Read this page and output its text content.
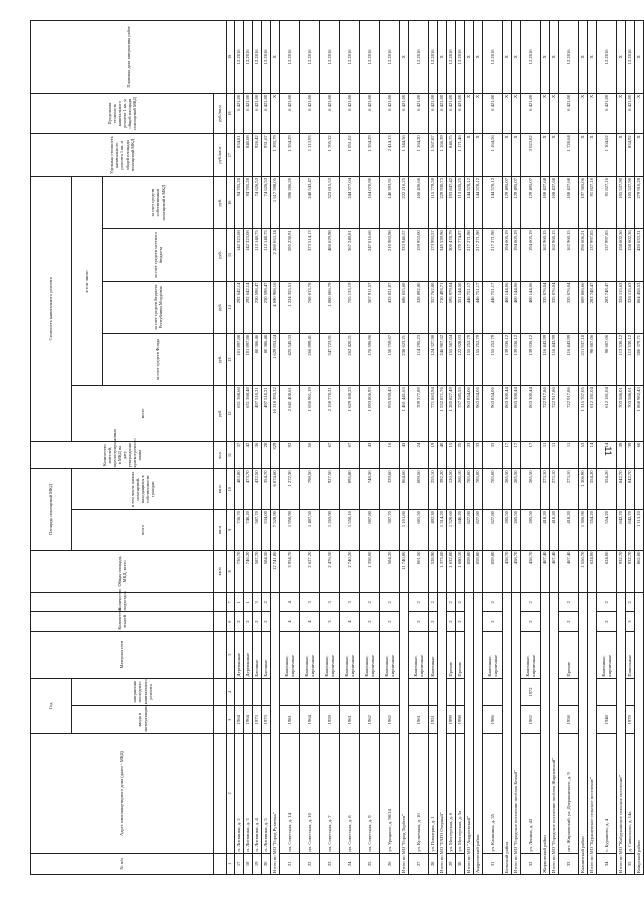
11
№ п/п	Адрес многоквартирного дома (далее - МКД)	Год		Материал стен	Количество этажей	Количество подъездов	Общая площадь МКД, всего	Площадь помещений МКД		Количество жителей, зарегистрированных в МКД на дату утверждения краткосрочного плана	Стоимость капитального ремонта					Удельная стоимость капитального ремонта 1 кв. м общей площади помещений МКД	Предельная стоимость капитального ремонта 1 кв. м общей площади помещений МКД	Плановая дата завершения работ
		ввода в эксплуатацию	завершения последнего капитального ремонта					всего	в том числе жилых помещений, находящихся в собственности граждан		всего	в том числе:						
												за счет средств Фонда	за счет средств бюджета Республики Мордовия	за счет средств местного бюджета	за счет средств собственников помещений в МКД			
							кв.м	кв.м	кв.м	чел.	руб.	руб.	руб.	руб.	руб.	руб./кв.м	руб./кв.м	
1	2	3	4	5	6	7	8	9	10	11	12	13	14	15	16	17	18	19
17	п. Литвинки, д. 2	1964		Деревянные	2	1	736,70	736,70	483,80	37	631 368,68	101 897,88	292 642,14	142 323,08	94 705,28	834,81	6 421,00	12.2016
18	п. Литвинки, д. 3	1964		Деревянные	2	1	746,20	746,20	473,70	42	631 368,48	101 897,88	292 642,14	142 323,08	94 705,28	846,08	6 421,00	12.2016
19	п. Литвинки, д. 4	1973		Блочные	2	3	587,70	587,70	432,50	36	497 510,21	80 386,46	230 598,47	112 148,75	74 626,53	926,42	6 421,00	12.2016
20	п. Литвинки, д. 5	1973		Блочные	2	2	584,50	534,00	354,70	28	497 510,21	80 386,46	230 598,47	112 148,75	74 626,53	931,67	6 421,00	12.2016
Итого по МО "Город Рузаевка"							12 741,80	7 528,90	6 074,60	329	10 318 393,32	1 629 853,24	4 690 908,16	2 280 053,14	1 517 598,05	1 393,79	X	X
21	пл. Советская, д. 14	1981		Каменные, кирпичные	4	4	3 954,70	1 950,90	1 272,30	92	2 641 408,61	425 545,33	1 224 355,51	595 238,91	396 286,20	1 354,29	6 421,00	12.2016
22	пл. Советская, д. 10	1964		Каменные, кирпичные	4	3	2 627,20	1 487,50	798,50	56	1 656 961,19	266 899,41	768 013,78	373 514,13	248 543,47	1 113,93	6 421,00	12.2016
23	пл. Советская, д. 7	1959		Каменные, кирпичные	3	3	2 476,50	1 265,90	927,50	67	2 158 770,21	347 723,91	1 000 606,79	486 629,98	323 815,53	1 705,32	6 421,00	12.2016
24	пл. Советская, д. 8	1961		Каменные, кирпичные	4	3	2 740,20	1 550,10	895,80	67	1 629 180,25	262 420,21	755 133,19	367 249,81	244 377,04	1 051,02	6 421,00	12.2016
25	пл. Советская, д. 9	1962		Каменные, кирпичные	2	2	1 358,00	807,80	748,50	43	1 093 806,93	176 596,96	507 911,57	247 016,66	164 070,90	1 354,29	6 421,00	12.2016
26	ул. Урицкого, д. 98/14	1962		Каменные, кирпичные	2	2	584,20	387,70	329,60	16	935 959,43	150 759,67	433 821,87	210 983,98	140 393,91	2 414,13	6 421,00	12.2016
Итого по МО "Город Торбеев"							11 740,80	1 101,80	864,60	43	1 481 441,63	238 623,21	686 655,60	333 946,57	222 216,25	1 344,56	6 421,00	X
27	ул. Кузнечная, д. 10	1961		Каменные, кирпичные	2	2	601,50	601,50	609,50	24	709 577,89	114 295,23	328 892,80	159 953,00	106 436,66	1 164,20	6 421,00	12.2016
28	ул. Пионерия, д. 1	1951		Каменные	2	2	528,90	492,30	255,10	19	771 863,94	124 327,98	357 762,80	173 993,57	115 779,59	1 567,87	6 421,00	12.2016
Итого по МО "ГАТО Озерный"							1 373,60	1 314,20	392,20	40	1 532 871,76	246 907,32	710 493,71	345 539,96	229 930,73	1 166,39	6 421,00	X
29	ул. Мохтерская, д. 6	1999		Прочие	2	2	1 632,00	1 520,60	120,50	15	1 285 827,49	155 567,04	595 979,04	300 478,79	193 847,42	846,75	6 421,00	12.2016
30	ул. Мохтерская, д. 5а	1998		Прочие	2	2	1 680,10	646,20	260,10	25	757 585,55	122 028,03	351 144,50	170 774,87	113 635,25	1 171,46	6 421,00	12.2016
Итого по МО "Андреевский"							859,80	827,80	785,00	33	963 854,06	155 252,79	446 751,17	217 271,98	144 578,12	X	X	X
Андреевский район							859,80	827,80	785,00	33	963 854,06	155 252,79	446 751,17	217 271,98	144 578,12	X	X	X
31	ул. Клинника, д. 35	1986		Каменные, кирпичные	2	2	859,80	827,80	785,00	33	963 854,06	155 252,79	446 751,17	217 271,98	144 578,12	1 164,56	6 421,00	12.2016
Бельский район							458,70	285,50	285,50	17	863 300,44	139 036,12	400 144,06	194 605,19	129 495,07	X	X	X
Итого по МО "Городское поселение посёлок Белый"							458,70	285,50	285,50	17	863 300,44	139 036,12	400 144,06	194 605,19	129 495,07	X	X	X
32	ул. Ленина, д. 43	1962	1972	Каменные, кирпичные	2	2	458,70	285,50	285,50	17	863 300,44	139 036,12	400 144,06	194 605,19	129 495,07	3 023,82	6 421,00	12.2016
Жирновский район							467,40	418,20	273,10	11	722 917,86	116 443,99	335 076,04	162 960,15	108 437,68	X	X	X
Итого по МО "Городское поселение посёлок Жирновский"							467,40	418,20	273,10	11	722 917,86	116 443,99	335 076,04	162 960,15	108 437,68	X	X	X
33	пгт. Жирновский, ул. Дзержинского, д. 9	1958		Прочие	2	2	467,40	418,20	273,10	11	722 917,86	116 443,99	335 076,04	162 960,15	108 437,68	1 728,64	6 421,00	12.2016
Калиниский район							1 556,70	1 306,90	1 306,90	53	1 315 767,05	211 937,18	609 866,66	296 606,21	197 365,06	X	X	X
Итого по МО "Бурашевское сельское поселение"							624,00	554,20	554,20	14	612 181,04	98 607,06	283 748,47	137 997,85	91 827,16	X	X	X
34	с. Бурашево, д. 4	1948		Каменные, кирпичные	2	2	624,00	554,20	554,20	14	612 181,04	98 607,06	283 748,47	137 997,85	91 827,16	1 104,62	6 421,00	12.2016
Итого по МО "Кабрунинское сельское поселение"							932,70	842,70	842,70	39	703 586,01	113 330,12	326 115,63	158 602,36	105 537,90	X	X	X
35	д. Савватьево, д. 14а	1979		Панельные	3	2	932,70	842,70	842,70	39	703 586,01	113 330,12	326 115,63	158 602,36	105 537,90	834,92	6 421,00	12.2016
Кимрский район							862,00	1 113,10		60	1 868 982,43	300 379,71	864 458,53	420 633,31	279 910,28	X	X	X
